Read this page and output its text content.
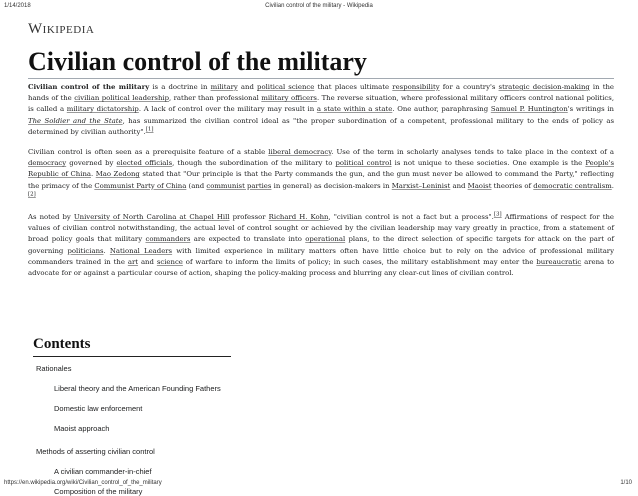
1/14/2018	Civilian control of the military - Wikipedia
Wikipedia
Civilian control of the military

Civilian control of the military is a doctrine in military and political science that places ultimate responsibility for a country's strategic decision-making in the hands of the civilian political leadership, rather than professional military officers. The reverse situation, where professional military officers control national politics, is called a military dictatorship. A lack of control over the military may result in a state within a state. One author, paraphrasing Samuel P. Huntington's writings in The Soldier and the State, has summarized the civilian control ideal as "the proper subordination of a competent, professional military to the ends of policy as determined by civilian authority".[1]

Civilian control is often seen as a prerequisite feature of a stable liberal democracy. Use of the term in scholarly analyses tends to take place in the context of a democracy governed by elected officials, though the subordination of the military to political control is not unique to these societies. One example is the People's Republic of China. Mao Zedong stated that "Our principle is that the Party commands the gun, and the gun must never be allowed to command the Party," reflecting the primacy of the Communist Party of China (and communist parties in general) as decision-makers in Marxist–Leninist and Maoist theories of democratic centralism.[2]

As noted by University of North Carolina at Chapel Hill professor Richard H. Kohn, "civilian control is not a fact but a process".[3] Affirmations of respect for the values of civilian control notwithstanding, the actual level of control sought or achieved by the civilian leadership may vary greatly in practice, from a statement of broad policy goals that military commanders are expected to translate into operational plans, to the direct selection of specific targets for attack on the part of governing politicians. National Leaders with limited experience in military matters often have little choice but to rely on the advice of professional military commanders trained in the art and science of warfare to inform the limits of policy; in such cases, the military establishment may enter the bureaucratic arena to advocate for or against a particular course of action, shaping the policy-making process and blurring any clear-cut lines of civilian control.

Contents
Rationales
Liberal theory and the American Founding Fathers
Domestic law enforcement
Maoist approach
Methods of asserting civilian control
A civilian commander-in-chief
Composition of the military
https://en.wikipedia.org/wiki/Civilian_control_of_the_military	1/10
